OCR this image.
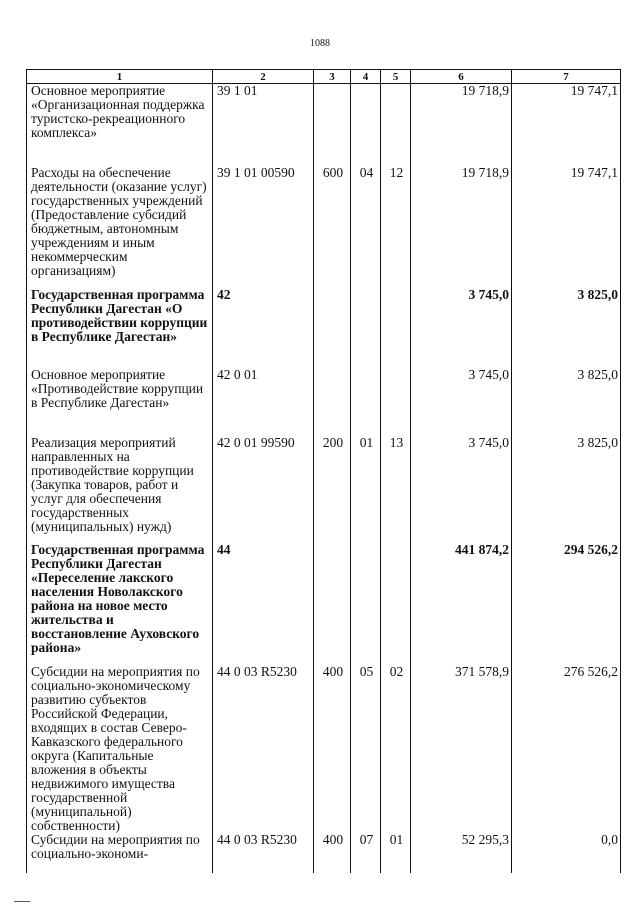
1088
1	2	3	4	5	6	7
Основное мероприятие «Организационная поддержка туристско-рекреационного комплекса»	39 1 01				19 718,9	19 747,1
Расходы на обеспечение деятельности (оказание услуг) государственных учреждений (Предоставление субсидий бюджетным, автономным учреждениям и иным некоммерческим организациям)	39 1 01 00590	600	04	12	19 718,9	19 747,1
Государственная программа Республики Дагестан «О противодействии коррупции в Республике Дагестан»	42				3 745,0	3 825,0
Основное мероприятие «Противодействие коррупции в Республике Дагестан»	42 0 01				3 745,0	3 825,0
Реализация мероприятий направленных на противодействие коррупции (Закупка товаров, работ и услуг для обеспечения государственных (муниципальных) нужд)	42 0 01 99590	200	01	13	3 745,0	3 825,0
Государственная программа Республики Дагестан «Переселение лакского населения Новолакского района на новое место жительства и восстановление Ауховского района»	44				441 874,2	294 526,2
Субсидии на мероприятия по социально-экономическому развитию субъектов Российской Федерации, входящих в состав Северо-Кавказского федерального округа (Капитальные вложения в объекты недвижимого имущества государственной (муниципальной) собственности)	44 0 03 R5230	400	05	02	371 578,9	276 526,2
Субсидии на мероприятия по социально-экономи-	44 0 03 R5230	400	07	01	52 295,3	0,0
